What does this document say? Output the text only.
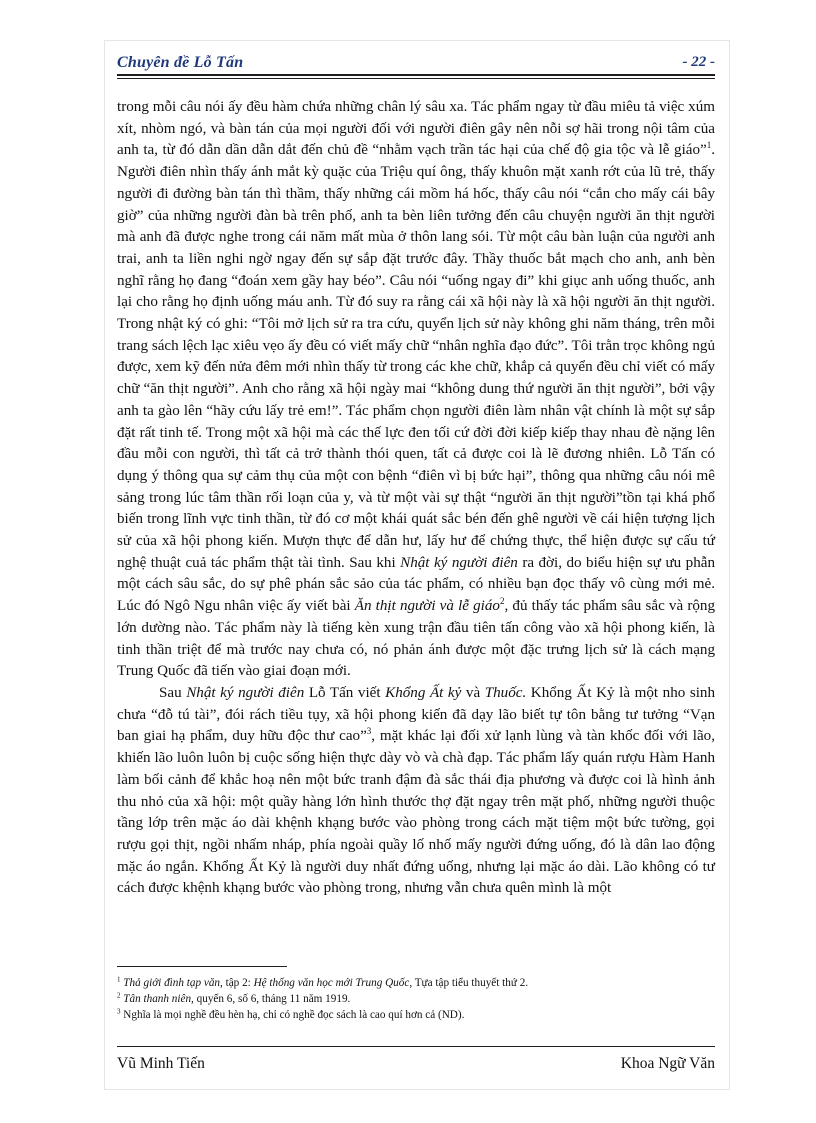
Chuyên đề Lỗ Tấn	- 22 -

trong mỗi câu nói ấy đều hàm chứa những chân lý sâu xa. Tác phẩm ngay từ đầu miêu tả việc xúm xít, nhòm ngó, và bàn tán của mọi người đối với người điên gây nên nỗi sợ hãi trong nội tâm của anh ta, từ đó dẫn dần dẫn dắt đến chủ đề “nhằm vạch trần tác hại của chế độ gia tộc và lễ giáo”$^1$. Người điên nhìn thấy ánh mắt kỳ quặc của Triệu quí ông, thấy khuôn mặt xanh rớt của lũ trẻ, thấy người đi đường bàn tán thì thầm, thấy những cái mồm há hốc, thấy câu nói “cắn cho mấy cái bây giờ” của những người đàn bà trên phố, anh ta bèn liên tưởng đến câu chuyện người ăn thịt người mà anh đã được nghe trong cái năm mất mùa ở thôn lang sói. Từ một câu bàn luận của người anh trai, anh ta liền nghi ngờ ngay đến sự sắp đặt trước đây. Thầy thuốc bắt mạch cho anh, anh bèn nghĩ rằng họ đang “đoán xem gầy hay béo”. Câu nói “uống ngay đi” khi giục anh uống thuốc, anh lại cho rằng họ định uống máu anh. Từ đó suy ra rằng cái xã hội này là xã hội người ăn thịt người. Trong nhật ký có ghi: “Tôi mở lịch sử ra tra cứu, quyển lịch sử này không ghi năm tháng, trên mỗi trang sách lệch lạc xiêu vẹo ấy đều có viết mấy chữ “nhân nghĩa đạo đức”. Tôi trằn trọc không ngủ được, xem kỹ đến nửa đêm mới nhìn thấy từ trong các khe chữ, khắp cả quyển đều chỉ viết có mấy chữ “ăn thịt người”. Anh cho rằng xã hội ngày mai “không dung thứ người ăn thịt người”, bởi vậy anh ta gào lên “hãy cứu lấy trẻ em!”. Tác phẩm chọn người điên làm nhân vật chính là một sự sắp đặt rất tinh tế. Trong một xã hội mà các thế lực đen tối cứ đời đời kiếp kiếp thay nhau đè nặng lên đầu mỗi con người, thì tất cả trở thành thói quen, tất cả được coi là lẽ đương nhiên. Lỗ Tấn có dụng ý thông qua sự cảm thụ của một con bệnh “điên vì bị bức hại”, thông qua những câu nói mê sảng trong lúc tâm thần rối loạn của y, và từ một vài sự thật “người ăn thịt người”tồn tại khá phổ biến trong lĩnh vực tinh thần, từ đó cơ một khái quát sắc bén đến ghê người về cái hiện tượng lịch sử của xã hội phong kiến. Mượn thực để dẫn hư, lấy hư để chứng thực, thể hiện được sự cấu tứ nghệ thuật cuả tác phẩm thật tài tình. Sau khi Nhật ký người điên ra đời, do biểu hiện sự ưu phẫn một cách sâu sắc, do sự phê phán sắc sảo của tác phẩm, có nhiều bạn đọc thấy vô cùng mới mẻ. Lúc đó Ngô Ngu nhân việc ấy viết bài Ăn thịt người và lễ giáo$^2$, đủ thấy tác phẩm sâu sắc và rộng lớn dường nào. Tác phẩm này là tiếng kèn xung trận đầu tiên tấn công vào xã hội phong kiến, là tinh thần triệt để mà trước nay chưa có, nó phản ánh được một đặc trưng lịch sử là cách mạng Trung Quốc đã tiến vào giai đoạn mới.

Sau Nhật ký người điên Lỗ Tấn viết Khổng Ất kỷ và Thuốc. Khổng Ất Kỷ là một nho sinh chưa “đỗ tú tài”, đói rách tiều tụy, xã hội phong kiến đã dạy lão biết tự tôn bằng tư tưởng “Vạn ban giai hạ phẩm, duy hữu độc thư cao”$^3$, mặt khác lại đối xử lạnh lùng và tàn khốc đối với lão, khiến lão luôn luôn bị cuộc sống hiện thực dày vò và chà đạp. Tác phẩm lấy quán rượu Hàm Hanh làm bối cảnh để khắc hoạ nên một bức tranh đậm đà sắc thái địa phương và được coi là hình ảnh thu nhỏ của xã hội: một quầy hàng lớn hình thước thợ đặt ngay trên mặt phố, những người thuộc tầng lớp trên mặc áo dài khệnh khạng bước vào phòng trong cách mặt tiệm một bức tường, gọi rượu gọi thịt, ngồi nhấm nháp, phía ngoài quầy lố nhố mấy người đứng uống, đó là dân lao động mặc áo ngắn. Khổng Ất Kỷ là người duy nhất đứng uống, nhưng lại mặc áo dài. Lão không có tư cách được khệnh khạng bước vào phòng trong, nhưng vẫn chưa quên mình là một

$^1$ Thả giới đình tạp văn, tập 2: Hệ thống văn học mới Trung Quốc, Tựa tập tiểu thuyết thứ 2.
$^2$ Tân thanh niên, quyển 6, số 6, tháng 11 năm 1919.
$^3$ Nghĩa là mọi nghề đều hèn hạ, chỉ có nghề đọc sách là cao quí hơn cả (ND).
Vũ Minh Tiến	Khoa Ngữ Văn
